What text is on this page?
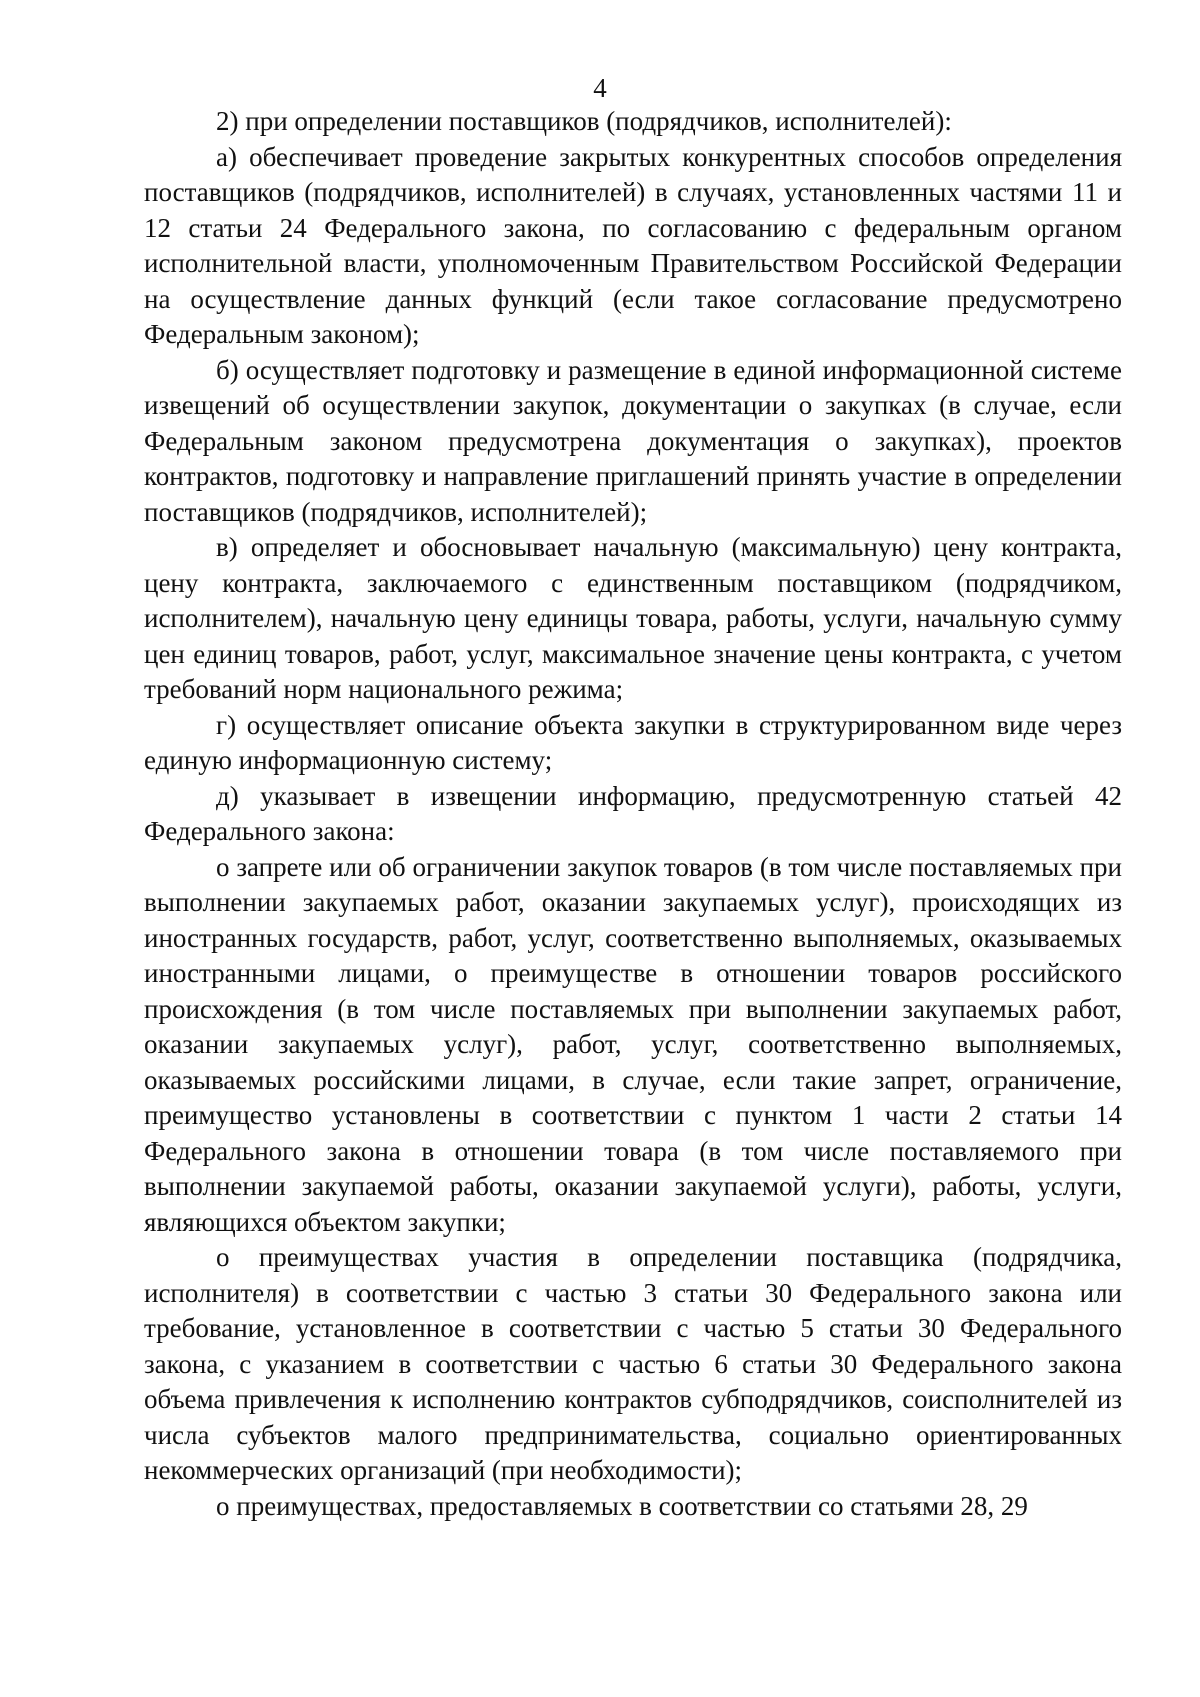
4

2) при определении поставщиков (подрядчиков, исполнителей):

а) обеспечивает проведение закрытых конкурентных способов определения поставщиков (подрядчиков, исполнителей) в случаях, установленных частями 11 и 12 статьи 24 Федерального закона, по согласованию с федеральным органом исполнительной власти, уполномоченным Правительством Российской Федерации на осуществление данных функций (если такое согласование предусмотрено Федеральным законом);

б) осуществляет подготовку и размещение в единой информационной системе извещений об осуществлении закупок, документации о закупках (в случае, если Федеральным законом предусмотрена документация о закупках), проектов контрактов, подготовку и направление приглашений принять участие в определении поставщиков (подрядчиков, исполнителей);

в) определяет и обосновывает начальную (максимальную) цену контракта, цену контракта, заключаемого с единственным поставщиком (подрядчиком, исполнителем), начальную цену единицы товара, работы, услуги, начальную сумму цен единиц товаров, работ, услуг, максимальное значение цены контракта, с учетом требований норм национального режима;

г) осуществляет описание объекта закупки в структурированном виде через единую информационную систему;

д) указывает в извещении информацию, предусмотренную статьей 42 Федерального закона:

о запрете или об ограничении закупок товаров (в том числе поставляемых при выполнении закупаемых работ, оказании закупаемых услуг), происходящих из иностранных государств, работ, услуг, соответственно выполняемых, оказываемых иностранными лицами, о преимуществе в отношении товаров российского происхождения (в том числе поставляемых при выполнении закупаемых работ, оказании закупаемых услуг), работ, услуг, соответственно выполняемых, оказываемых российскими лицами, в случае, если такие запрет, ограничение, преимущество установлены в соответствии с пунктом 1 части 2 статьи 14 Федерального закона в отношении товара (в том числе поставляемого при выполнении закупаемой работы, оказании закупаемой услуги), работы, услуги, являющихся объектом закупки;

о преимуществах участия в определении поставщика (подрядчика, исполнителя) в соответствии с частью 3 статьи 30 Федерального закона или требование, установленное в соответствии с частью 5 статьи 30 Федерального закона, с указанием в соответствии с частью 6 статьи 30 Федерального закона объема привлечения к исполнению контрактов субподрядчиков, соисполнителей из числа субъектов малого предпринимательства, социально ориентированных некоммерческих организаций (при необходимости);

о преимуществах, предоставляемых в соответствии со статьями 28, 29
